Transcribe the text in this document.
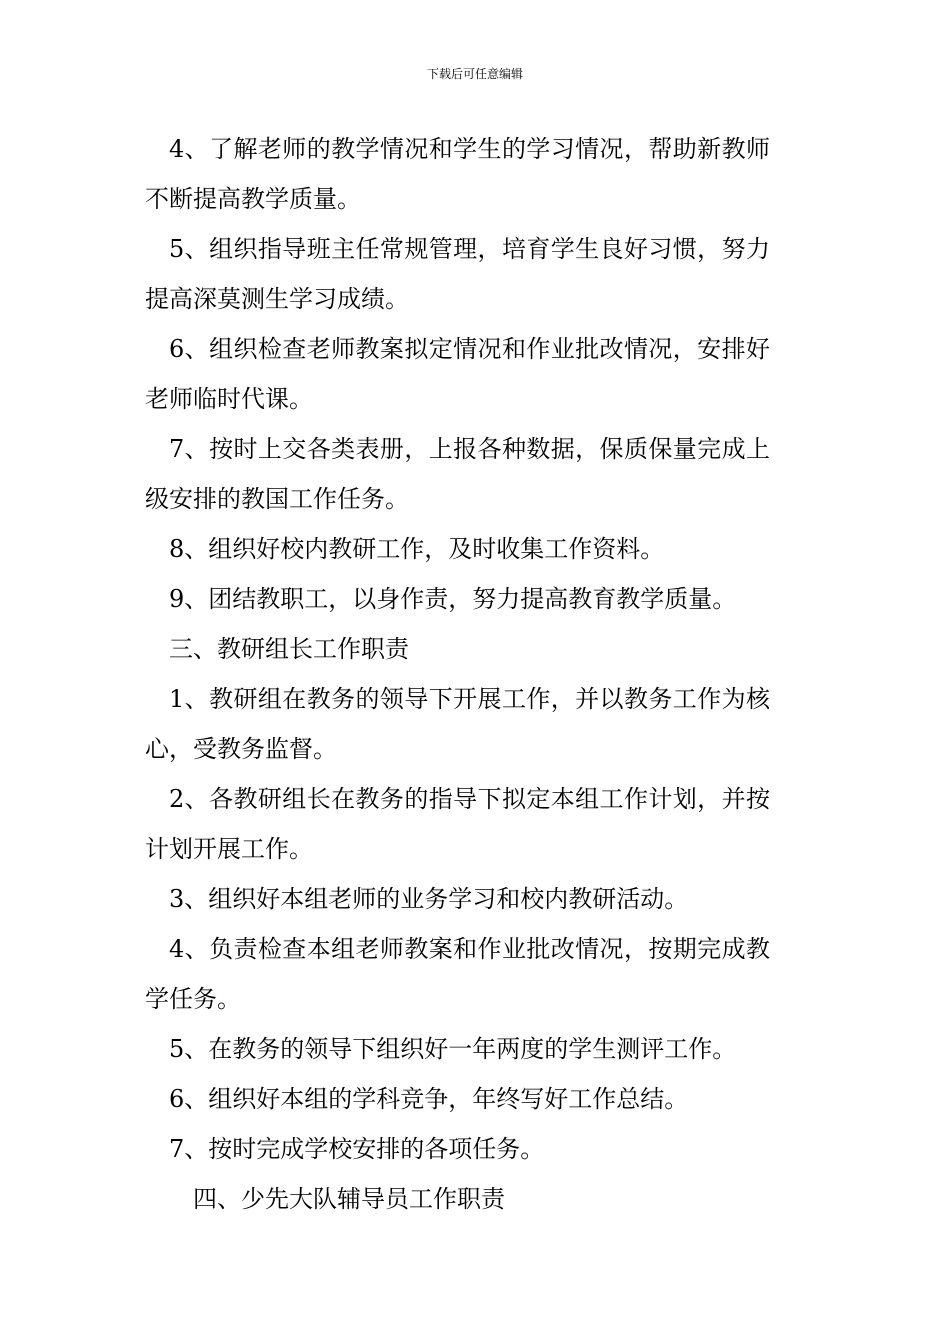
下载后可任意编辑

4、了解老师的教学情况和学生的学习情况，帮助新教师不断提高教学质量。

5、组织指导班主任常规管理，培育学生良好习惯，努力提高深莫测生学习成绩。

6、组织检查老师教案拟定情况和作业批改情况，安排好老师临时代课。

7、按时上交各类表册，上报各种数据，保质保量完成上级安排的教国工作任务。

8、组织好校内教研工作，及时收集工作资料。

9、团结教职工，以身作责，努力提高教育教学质量。

三、教研组长工作职责

1、教研组在教务的领导下开展工作，并以教务工作为核心，受教务监督。

2、各教研组长在教务的指导下拟定本组工作计划，并按计划开展工作。

3、组织好本组老师的业务学习和校内教研活动。

4、负责检查本组老师教案和作业批改情况，按期完成教学任务。

5、在教务的领导下组织好一年两度的学生测评工作。

6、组织好本组的学科竞争，年终写好工作总结。

7、按时完成学校安排的各项任务。

四、少先大队辅导员工作职责
